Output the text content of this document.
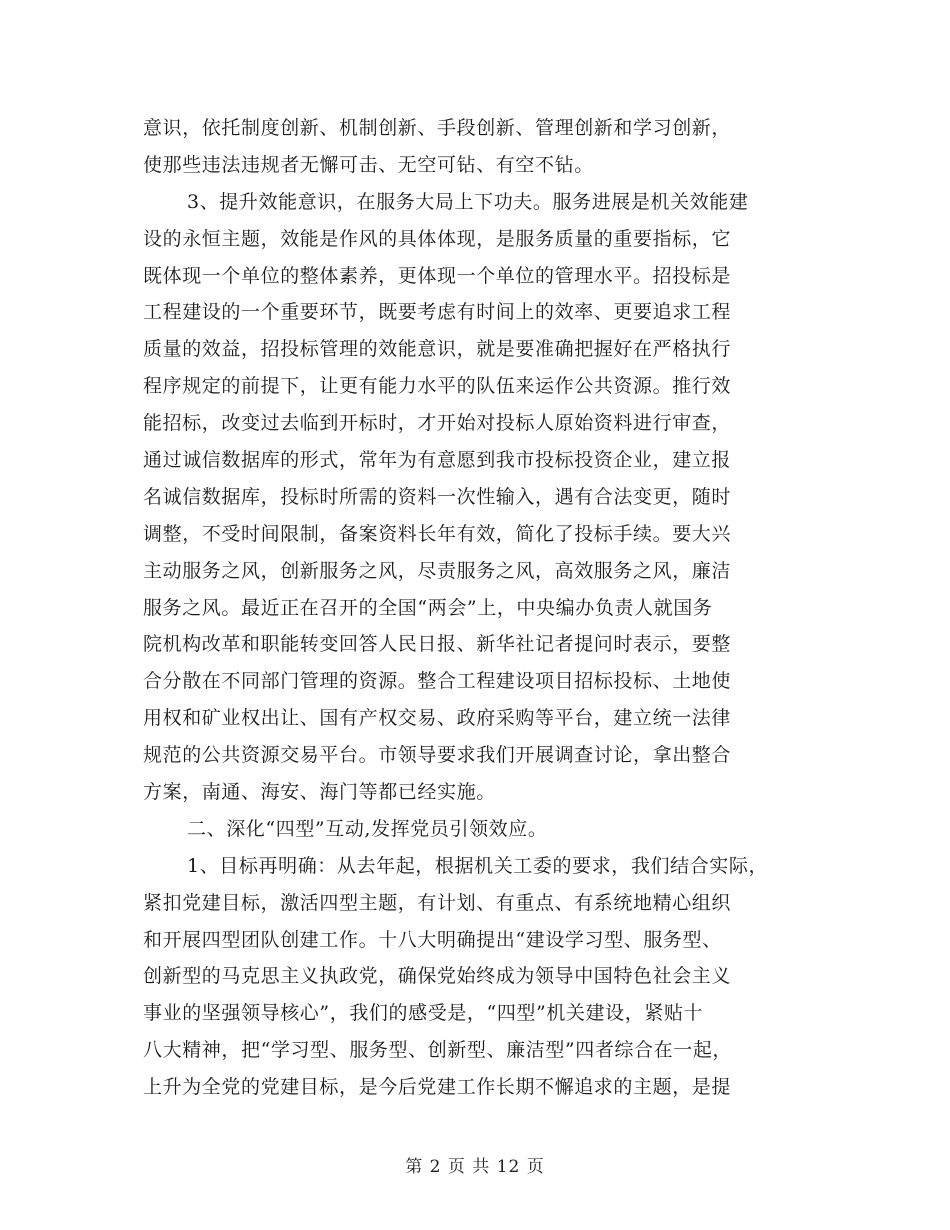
意识，依托制度创新、机制创新、手段创新、管理创新和学习创新，
使那些违法违规者无懈可击、无空可钻、有空不钻。
3、提升效能意识，在服务大局上下功夫。服务进展是机关效能建
设的永恒主题，效能是作风的具体体现，是服务质量的重要指标，它
既体现一个单位的整体素养，更体现一个单位的管理水平。招投标是
工程建设的一个重要环节，既要考虑有时间上的效率、更要追求工程
质量的效益，招投标管理的效能意识，就是要准确把握好在严格执行
程序规定的前提下，让更有能力水平的队伍来运作公共资源。推行效
能招标，改变过去临到开标时，才开始对投标人原始资料进行审查，
通过诚信数据库的形式，常年为有意愿到我市投标投资企业，建立报
名诚信数据库，投标时所需的资料一次性输入，遇有合法变更，随时
调整，不受时间限制，备案资料长年有效，简化了投标手续。要大兴
主动服务之风，创新服务之风，尽责服务之风，高效服务之风，廉洁
服务之风。最近正在召开的全国“两会”上，中央编办负责人就国务
院机构改革和职能转变回答人民日报、新华社记者提问时表示，要整
合分散在不同部门管理的资源。整合工程建设项目招标投标、土地使
用权和矿业权出让、国有产权交易、政府采购等平台，建立统一法律
规范的公共资源交易平台。市领导要求我们开展调查讨论，拿出整合
方案，南通、海安、海门等都已经实施。
二、深化“四型”互动,发挥党员引领效应。
1、目标再明确：从去年起，根据机关工委的要求，我们结合实际，
紧扣党建目标，激活四型主题，有计划、有重点、有系统地精心组织
和开展四型团队创建工作。十八大明确提出“建设学习型、服务型、
创新型的马克思主义执政党，确保党始终成为领导中国特色社会主义
事业的坚强领导核心”，我们的感受是，“四型”机关建设，紧贴十
八大精神，把“学习型、服务型、创新型、廉洁型”四者综合在一起，
上升为全党的党建目标，是今后党建工作长期不懈追求的主题，是提
第 2 页 共 12 页
